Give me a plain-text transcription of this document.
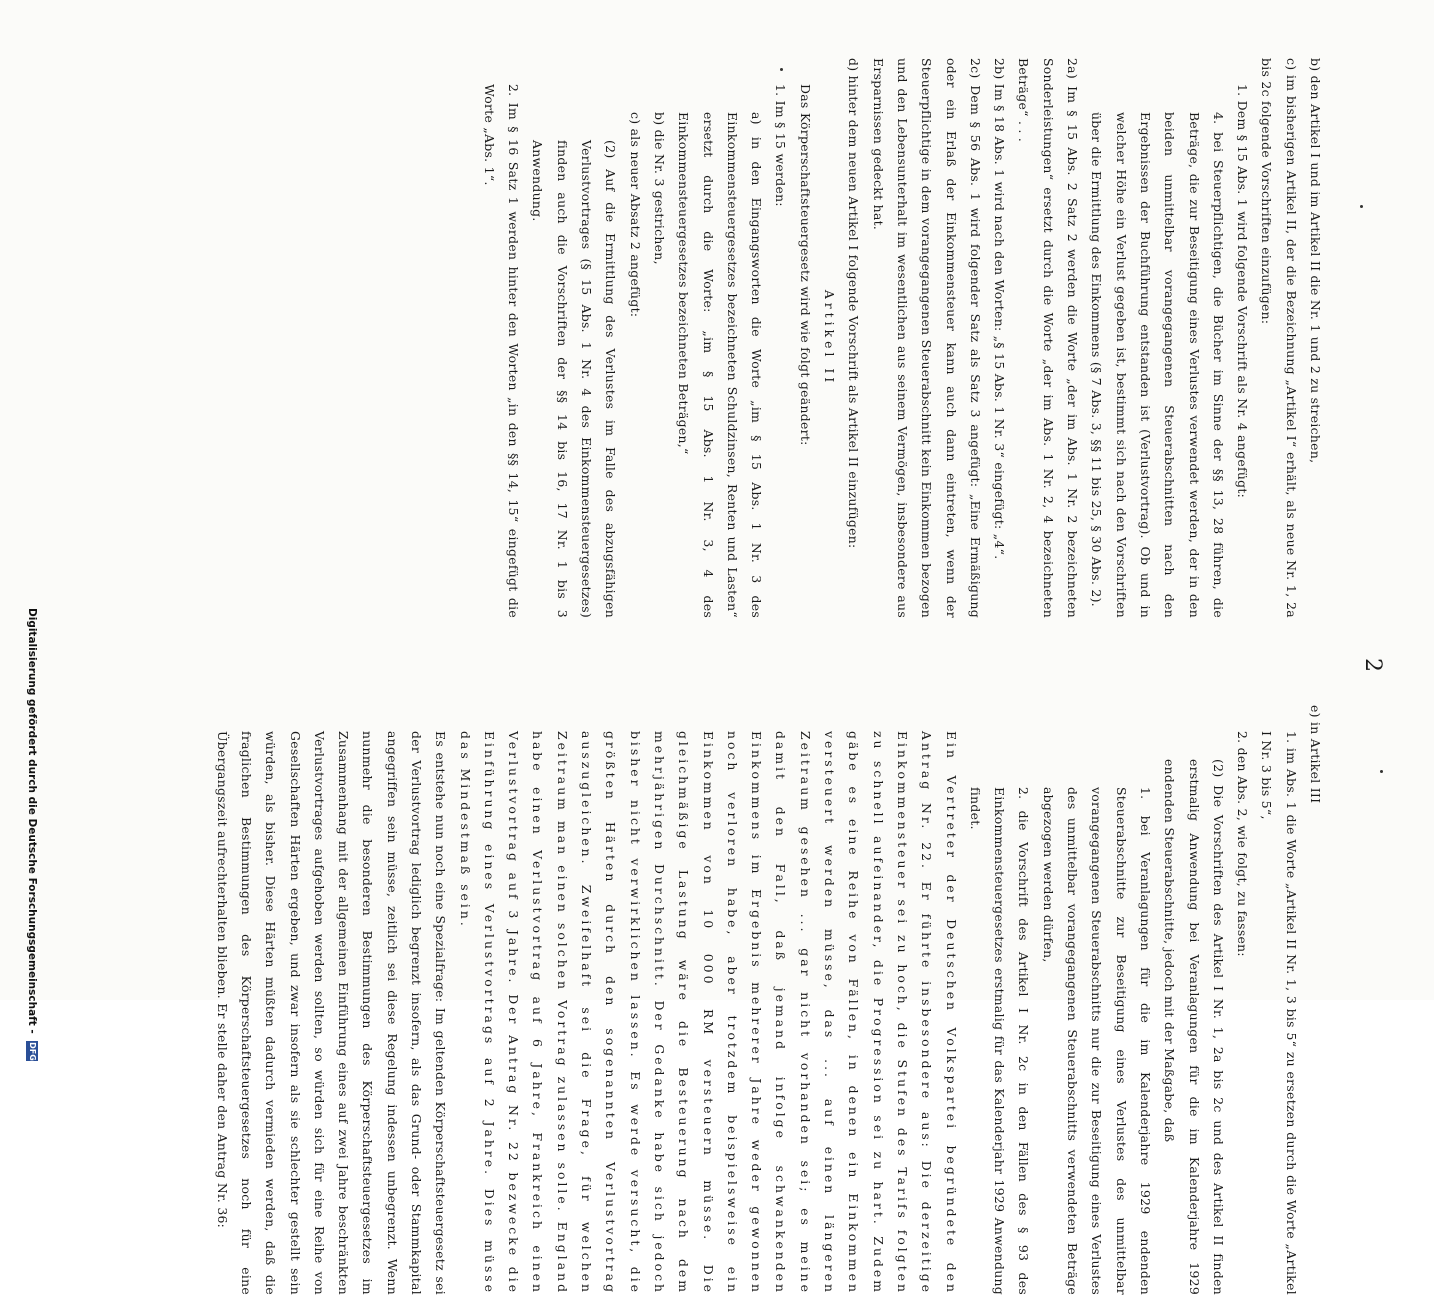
2

b) den Artikel I und im Artikel II die Nr. 1 und 2 zu streichen,

c) im bisherigen Artikel II, der die Bezeichnung „Artikel I“ erhält, als neue Nr. 1, 2a bis 2c folgende Vorschriften einzufügen:

1. Dem § 15 Abs. 1 wird folgende Vorschrift als Nr. 4 angefügt:

4. bei Steuerpflichtigen, die Bücher im Sinne der §§ 13, 28 führen, die Beträge, die zur Beseitigung eines Verlustes verwendet werden, der in den beiden unmittelbar vorangegangenen Steuerabschnitten nach den Ergebnissen der Buchführung entstanden ist (Verlustvortrag). Ob und in welcher Höhe ein Verlust gegeben ist, bestimmt sich nach den Vorschriften über die Ermittlung des Einkommens (§ 7 Abs. 3, §§ 11 bis 25, § 30 Abs. 2).

2a) Im § 15 Abs. 2 Satz 2 werden die Worte „der im Abs. 1 Nr. 2 bezeichneten Sonderleistungen“ ersetzt durch die Worte „der im Abs. 1 Nr. 2, 4 bezeichneten Beträge“ . . .

2b) Im § 18 Abs. 1 wird nach den Worten: „§ 15 Abs. 1 Nr. 3“ eingefügt: „4“.

2c) Dem § 56 Abs. 1 wird folgender Satz als Satz 3 angefügt: „Eine Ermäßigung oder ein Erlaß der Einkommensteuer kann auch dann eintreten, wenn der Steuerpflichtige in dem vorangegangenen Steuerabschnitt kein Einkommen bezogen und den Lebensunterhalt im wesentlichen aus seinem Vermögen, insbesondere aus Ersparnissen gedeckt hat.

d) hinter dem neuen Artikel I folgende Vorschrift als Artikel II einzufügen:

Artikel II

Das Körperschaftsteuergesetz wird wie folgt geändert:

1. Im § 15 werden:

a) in den Eingangsworten die Worte „im § 15 Abs. 1 Nr. 3 des Einkommensteuergesetzes bezeichneten Schuldzinsen, Renten und Lasten“ ersetzt durch die Worte: „im § 15 Abs. 1 Nr. 3, 4 des Einkommensteuergesetzes bezeichneten Beträgen,“

b) die Nr. 3 gestrichen,

c) als neuer Absatz 2 angefügt:

(2) Auf die Ermittlung des Verlustes im Falle des abzugsfähigen Verlustvortrages (§ 15 Abs. 1 Nr. 4 des Einkommensteuergesetzes) finden auch die Vorschriften der §§ 14 bis 16, 17 Nr. 1 bis 3 Anwendung.

2. Im § 16 Satz 1 werden hinter den Worten „in den §§ 14, 15“ eingefügt die Worte „Abs. 1“.

e) in Artikel III

1. im Abs. 1 die Worte „Artikel II Nr. 1, 3 bis 5“ zu ersetzen durch die Worte „Artikel I Nr. 3 bis 5“,

2. den Abs. 2, wie folgt, zu fassen:

(2) Die Vorschriften des Artikel I Nr. 1, 2a bis 2c und des Artikel II finden erstmalig Anwendung bei Veranlagungen für die im Kalenderjahre 1929 endenden Steuerabschnitte, jedoch mit der Maßgabe, daß

1. bei Veranlagungen für die im Kalenderjahre 1929 endenden Steuerabschnitte zur Beseitigung eines Verlustes des unmittelbar vorangegangenen Steuerabschnitts nur die zur Beseitigung eines Verlustes des unmittelbar vorangegangenen Steuerabschnitts verwendeten Beträge abgezogen werden dürfen,

2. die Vorschrift des Artikel I Nr. 2c in den Fällen des § 93 des Einkommensteuergesetzes erstmalig für das Kalenderjahr 1929 Anwendung findet.

Ein Vertreter der Deutschen Volkspartei begründete den Antrag Nr. 22. Er führte insbesondere aus: Die derzeitige Einkommensteuer sei zu hoch, die Stufen des Tarifs folgten zu schnell aufeinander, die Progression sei zu hart. Zudem gäbe es eine Reihe von Fällen, in denen ein Einkommen versteuert werden müsse, das ... auf einen längeren Zeitraum gesehen ... gar nicht vorhanden sei; es meine damit den Fall, daß jemand infolge schwankenden Einkommens im Ergebnis mehrerer Jahre weder gewonnen noch verloren habe, aber trotzdem beispielsweise ein Einkommen von 10 000 RM versteuern müsse. Die gleichmäßige Lastung wäre die Besteuerung nach dem mehrjährigen Durchschnitt. Der Gedanke habe sich jedoch bisher nicht verwirklichen lassen. Es werde versucht, die größten Härten durch den sogenannten Verlustvortrag auszugleichen. Zweifelhaft sei die Frage, für welchen Zeitraum man einen solchen Vortrag zulassen solle. England habe einen Verlustvortrag auf 6 Jahre, Frankreich einen Verlustvortrag auf 3 Jahre. Der Antrag Nr. 22 bezwecke die Einführung eines Verlustvortrags auf 2 Jahre. Dies müsse das Mindestmaß sein.

Es entstehe nun noch eine Spezialfrage: Im geltenden Körperschaftsteuergesetz sei der Verlustvortrag lediglich begrenzt insofern, als das Grund- oder Stammkapital angegriffen sein müsse, zeitlich sei diese Regelung indessen unbegrenzt. Wenn nunmehr die besonderen Bestimmungen des Körperschaftsteuergesetzes im Zusammenhang mit der allgemeinen Einführung eines auf zwei Jahre beschränkten Verlustvortrages aufgehoben werden sollten, so würden sich für eine Reihe von Gesellschaften Härten ergeben, und zwar insofern als sie schlechter gestellt sein würden, als bisher. Diese Härten müßten dadurch vermieden werden, daß die fraglichen Bestimmungen des Körperschaftsteuergesetzes noch für eine Übergangszeit aufrechterhalten blieben. Er stelle daher den Antrag Nr. 36:

Digitalisierung gefördert durch die Deutsche Forschungsgemeinschaft - DFG
